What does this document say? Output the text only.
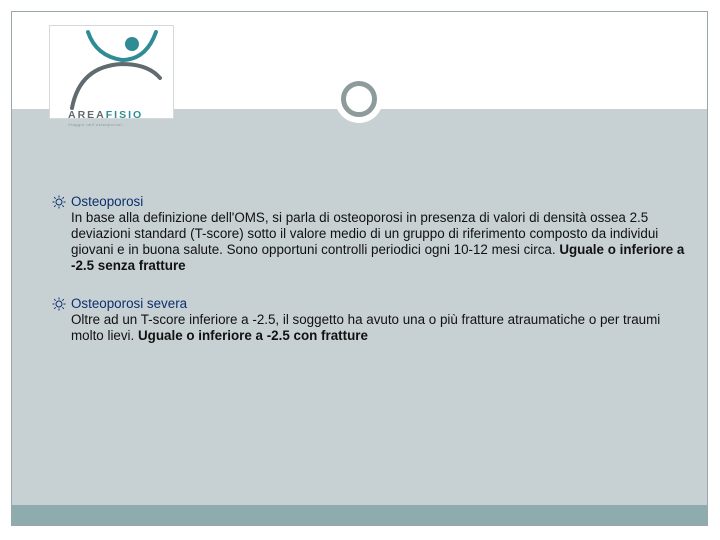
AREAFISIO
Viaggio nell'osteoporosi...
Osteoporosi
In base alla definizione dell'OMS, si parla di osteoporosi in presenza di valori di densità ossea 2.5 deviazioni standard (T-score) sotto il valore medio di un gruppo di riferimento composto da individui giovani e in buona salute. Sono opportuni controlli periodici ogni 10-12 mesi circa. Uguale o inferiore a -2.5 senza fratture
Osteoporosi severa
Oltre ad un T-score inferiore a -2.5, il soggetto ha avuto una o più fratture atraumatiche o per traumi molto lievi. Uguale o inferiore a -2.5 con fratture
